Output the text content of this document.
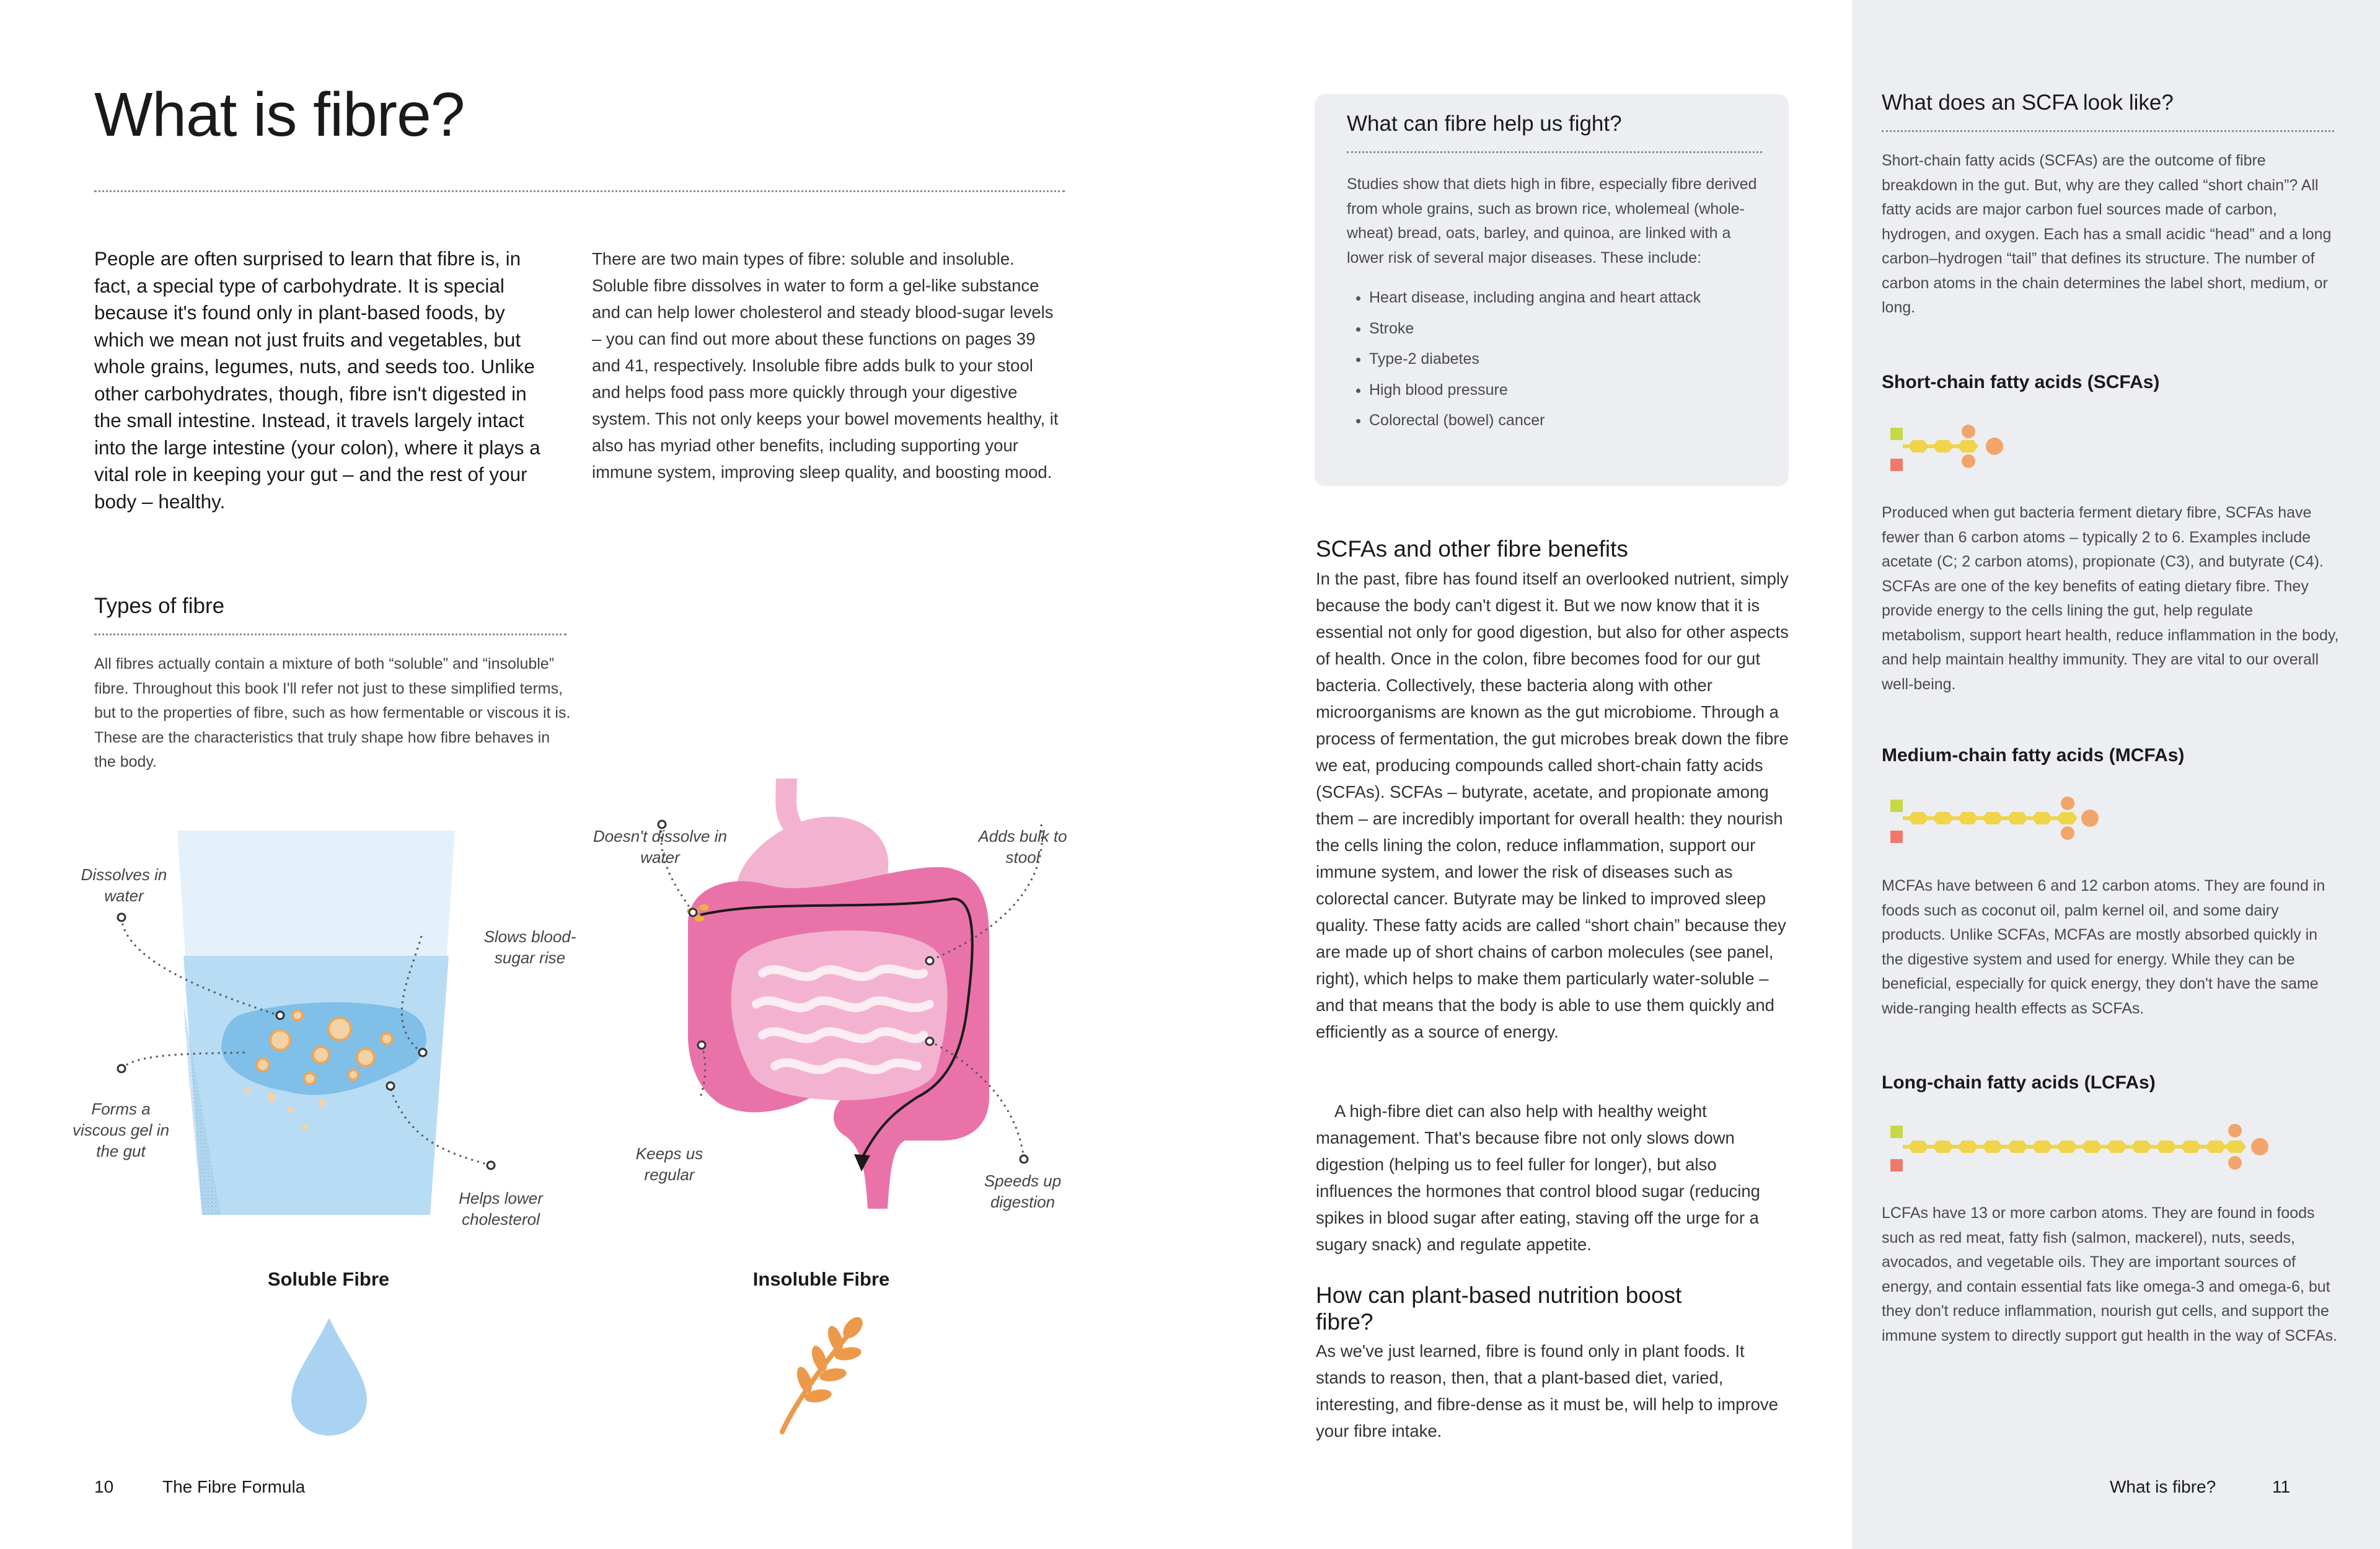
What is fibre?
People are often surprised to learn that fibre is, in fact, a special type of carbohydrate. It is special because it's found only in plant-based foods, by which we mean not just fruits and vegetables, but whole grains, legumes, nuts, and seeds too. Unlike other carbohydrates, though, fibre isn't digested in the small intestine. Instead, it travels largely intact into the large intestine (your colon), where it plays a vital role in keeping your gut – and the rest of your body – healthy.
There are two main types of fibre: soluble and insoluble. Soluble fibre dissolves in water to form a gel-like substance and can help lower cholesterol and steady blood-sugar levels – you can find out more about these functions on pages 39 and 41, respectively. Insoluble fibre adds bulk to your stool and helps food pass more quickly through your digestive system. This not only keeps your bowel movements healthy, it also has myriad other benefits, including supporting your immune system, improving sleep quality, and boosting mood.
Types of fibre
All fibres actually contain a mixture of both “soluble” and “insoluble” fibre. Throughout this book I'll refer not just to these simplified terms, but to the properties of fibre, such as how fermentable or viscous it is. These are the characteristics that truly shape how fibre behaves in the body.
Dissolves in water
Slows blood-sugar rise
Forms a viscous gel in the gut
Helps lower cholesterol
Soluble Fibre
Doesn't dissolve in water
Adds bulk to stool
Keeps us regular	Speeds up digestion
Insoluble Fibre
10	The Fibre Formula
What can fibre help us fight?
Studies show that diets high in fibre, especially fibre derived from whole grains, such as brown rice, wholemeal (whole-wheat) bread, oats, barley, and quinoa, are linked with a lower risk of several major diseases. These include:
• Heart disease, including angina and heart attack
• Stroke
• Type-2 diabetes
• High blood pressure
• Colorectal (bowel) cancer
SCFAs and other fibre benefits
In the past, fibre has found itself an overlooked nutrient, simply because the body can't digest it. But we now know that it is essential not only for good digestion, but also for other aspects of health. Once in the colon, fibre becomes food for our gut bacteria. Collectively, these bacteria along with other microorganisms are known as the gut microbiome. Through a process of fermentation, the gut microbes break down the fibre we eat, producing compounds called short-chain fatty acids (SCFAs). SCFAs – butyrate, acetate, and propionate among them – are incredibly important for overall health: they nourish the cells lining the colon, reduce inflammation, support our immune system, and lower the risk of diseases such as colorectal cancer. Butyrate may be linked to improved sleep quality. These fatty acids are called “short chain” because they are made up of short chains of carbon molecules (see panel, right), which helps to make them particularly water-soluble – and that means that the body is able to use them quickly and efficiently as a source of energy.
A high-fibre diet can also help with healthy weight management. That's because fibre not only slows down digestion (helping us to feel fuller for longer), but also influences the hormones that control blood sugar (reducing spikes in blood sugar after eating, staving off the urge for a sugary snack) and regulate appetite.
How can plant-based nutrition boost fibre?
As we've just learned, fibre is found only in plant foods. It stands to reason, then, that a plant-based diet, varied, interesting, and fibre-dense as it must be, will help to improve your fibre intake.
What does an SCFA look like?
Short-chain fatty acids (SCFAs) are the outcome of fibre breakdown in the gut. But, why are they called “short chain”? All fatty acids are major carbon fuel sources made of carbon, hydrogen, and oxygen. Each has a small acidic “head” and a long carbon–hydrogen “tail” that defines its structure. The number of carbon atoms in the chain determines the label short, medium, or long.
Short-chain fatty acids (SCFAs)
Produced when gut bacteria ferment dietary fibre, SCFAs have fewer than 6 carbon atoms – typically 2 to 6. Examples include acetate (C; 2 carbon atoms), propionate (C3), and butyrate (C4). SCFAs are one of the key benefits of eating dietary fibre. They provide energy to the cells lining the gut, help regulate metabolism, support heart health, reduce inflammation in the body, and help maintain healthy immunity. They are vital to our overall well-being.
Medium-chain fatty acids (MCFAs)
MCFAs have between 6 and 12 carbon atoms. They are found in foods such as coconut oil, palm kernel oil, and some dairy products. Unlike SCFAs, MCFAs are mostly absorbed quickly in the digestive system and used for energy. While they can be beneficial, especially for quick energy, they don't have the same wide-ranging health effects as SCFAs.
Long-chain fatty acids (LCFAs)
LCFAs have 13 or more carbon atoms. They are found in foods such as red meat, fatty fish (salmon, mackerel), nuts, seeds, avocados, and vegetable oils. They are important sources of energy, and contain essential fats like omega-3 and omega-6, but they don't reduce inflammation, nourish gut cells, and support the immune system to directly support gut health in the way of SCFAs.
What is fibre?	11
